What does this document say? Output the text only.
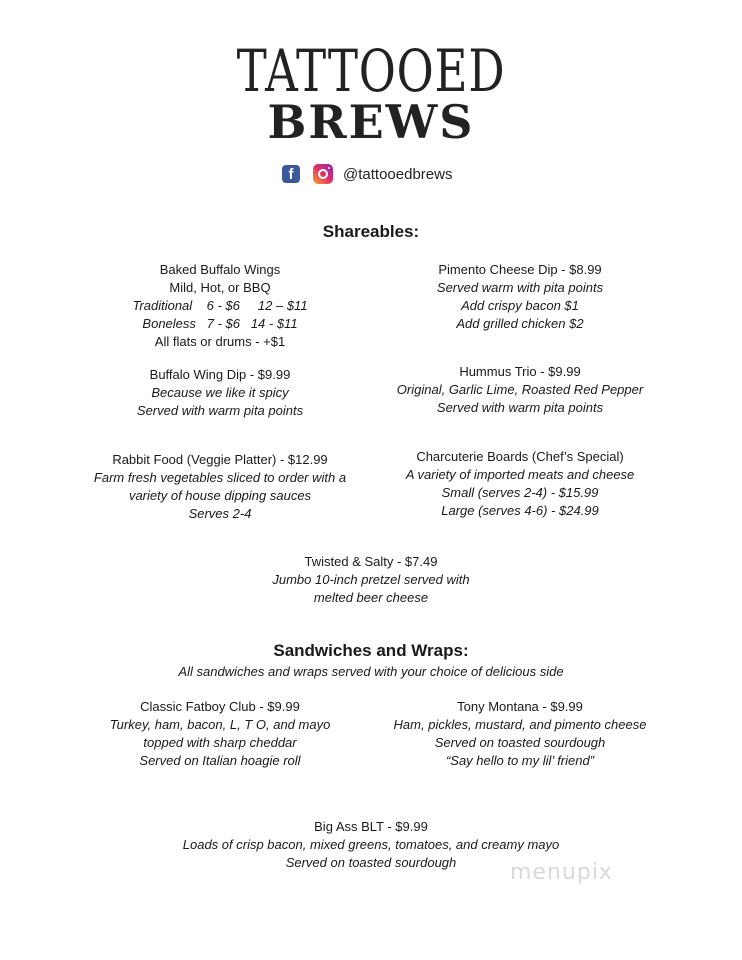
TATTOOED
BREWS
f	@tattooedbrews
Shareables:
Baked Buffalo Wings
Mild, Hot, or BBQ
Traditional    6 - $6     12 – $11
Boneless   7 - $6   14 - $11
All flats or drums - +$1
Pimento Cheese Dip - $8.99
Served warm with pita points
Add crispy bacon $1
Add grilled chicken $2
Buffalo Wing Dip - $9.99
Because we like it spicy
Served with warm pita points
Hummus Trio - $9.99
Original, Garlic Lime, Roasted Red Pepper
Served with warm pita points
Rabbit Food (Veggie Platter) - $12.99
Farm fresh vegetables sliced to order with a
variety of house dipping sauces
Serves 2-4
Charcuterie Boards (Chef’s Special)
A variety of imported meats and cheese
Small (serves 2-4) - $15.99
Large (serves 4-6) - $24.99
Twisted & Salty - $7.49
Jumbo 10-inch pretzel served with
melted beer cheese
Sandwiches and Wraps:
All sandwiches and wraps served with your choice of delicious side
Classic Fatboy Club - $9.99
Turkey, ham, bacon, L, T O, and mayo
topped with sharp cheddar
Served on Italian hoagie roll
Tony Montana - $9.99
Ham, pickles, mustard, and pimento cheese
Served on toasted sourdough
“Say hello to my lil’ friend”
Big Ass BLT - $9.99
Loads of crisp bacon, mixed greens, tomatoes, and creamy mayo
Served on toasted sourdough	menupix
